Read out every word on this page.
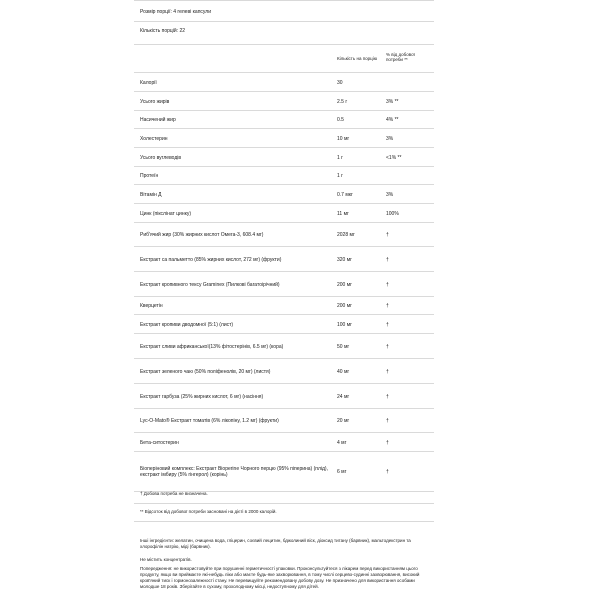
Розмір порції: 4 гелеві капсули
Кількість порцій: 22
Кількість на порцію
% від добової потреби **
Калорії	30
Усього жирів	2.5 г	3% **
Насичений жир	0.5	4% **
Холестерин	10 мг	3%
Усього вуглеводів	1 г	<1% **
Протеїн	1 г
Вітамін Д	0.7 мкг	3%
Цинк (пікслінат цинку)	11 мг	100%
Риб'ячий жир (30% жирних кислот Омега-3, 608.4 мг)	2028 мг	†
Екстракт са пальметто (85% жирних кислот, 272 мг) (фрукти)	320 мг	†
Екстракт кропивного тексу Graminex (Пилкові багатоірічний)	200 мг	†
Кверцетін	200 мг	†
Екстракт кропиви дводомної (5:1) (лист)	100 мг	†
Екстракт сливи африканської(13% фітостерінів, 6.5 мг) (кора)	50 мг	†
Екстракт зеленого чаю (50% поліфенолів, 20 мг) (листя)	40 мг	†
Екстракт гарбуза (25% жирних кислот, 6 мг) (насіння)	24 мг	†
Lyc-O-Mato® Екстракт томатів (6% лікопіну, 1.2 мг) (фрукти)	20 мг	†
Бета-ситостерин	4 мг	†
Біоперіновий комплекс: Екстракт Bioperine Чорного перцю (95% піперина) (плід), екстракт імбиру (5% гінгерол) (корінь)	6 мг	†
† Добова потреба не визначена.
** Відсоток від добової потреби засновані на дієті в 2000 калорій.
Інші інгредієнти: желатин, очищена вода, гліцерин, соєвий лецитин, бджолиний віск, діоксид титану (барвник), мальтодекстрин та хлорофілін натрію, міді (барвник).
Не містить концентратів.
Попередження: не використовуйте при порушенні герметичності упаковки. Проконсультуйтеся з лікарем перед використанням цього продукту, якщо ви приймаєте які-небудь ліки або маєте будь-яке захворювання, в тому числі серцево-судинні захворювання, високий кров'яний тиск і гормонозалежності стану. Не перевищуйте рекомендовану добову дозу. Не призначено для використання особами молодше 18 років. Зберігайте в сухому, прохолодному місці, недоступному для дітей.
